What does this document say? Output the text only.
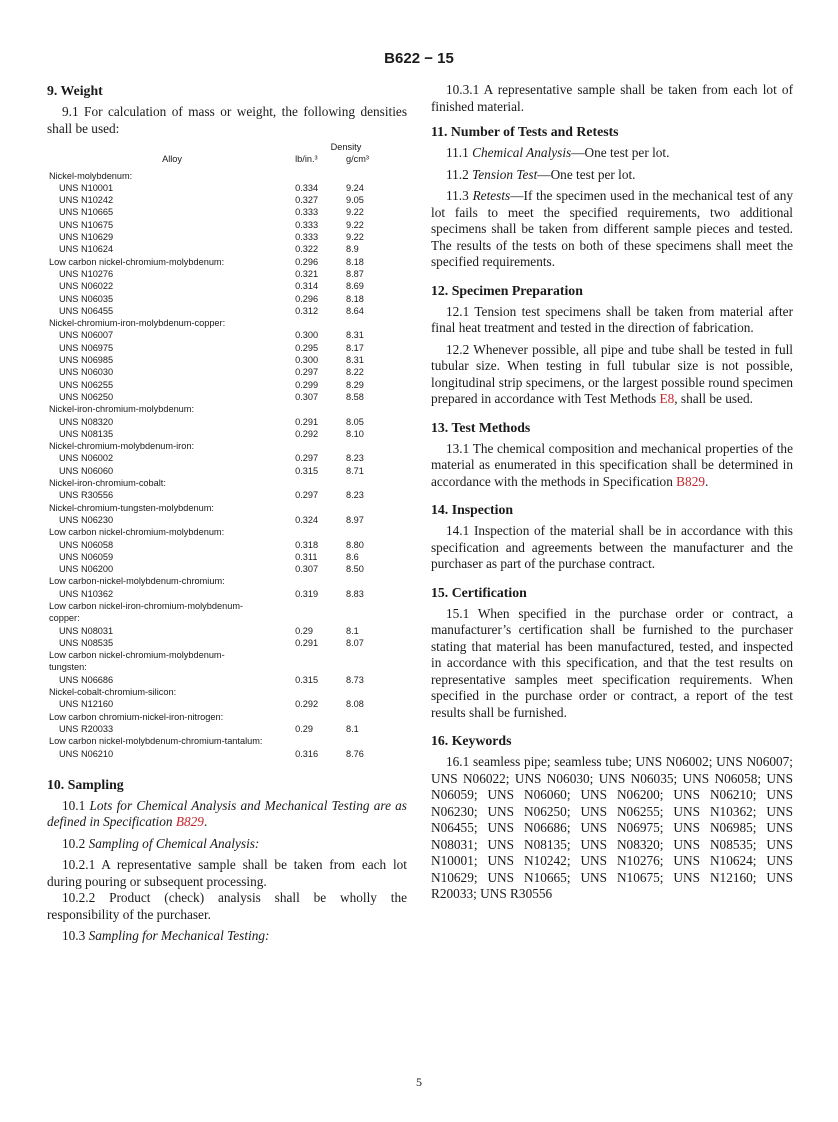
B622 − 15
9. Weight

9.1 For calculation of mass or weight, the following densities shall be used:

Density		
Alloy	lb/in.³	g/cm³
Nickel-molybdenum:		
UNS N10001	0.334	9.24
UNS N10242	0.327	9.05
UNS N10665	0.333	9.22
UNS N10675	0.333	9.22
UNS N10629	0.333	9.22
UNS N10624	0.322	8.9
Low carbon nickel-chromium-molybdenum:	0.296	8.18
UNS N10276	0.321	8.87
UNS N06022	0.314	8.69
UNS N06035	0.296	8.18
UNS N06455	0.312	8.64
Nickel-chromium-iron-molybdenum-copper:		
UNS N06007	0.300	8.31
UNS N06975	0.295	8.17
UNS N06985	0.300	8.31
UNS N06030	0.297	8.22
UNS N06255	0.299	8.29
UNS N06250	0.307	8.58
Nickel-iron-chromium-molybdenum:		
UNS N08320	0.291	8.05
UNS N08135	0.292	8.10
Nickel-chromium-molybdenum-iron:		
UNS N06002	0.297	8.23
UNS N06060	0.315	8.71
Nickel-iron-chromium-cobalt:		
UNS R30556	0.297	8.23
Nickel-chromium-tungsten-molybdenum:		
UNS N06230	0.324	8.97
Low carbon nickel-chromium-molybdenum:		
UNS N06058	0.318	8.80
UNS N06059	0.311	8.6
UNS N06200	0.307	8.50
Low carbon-nickel-molybdenum-chromium:		
UNS N10362	0.319	8.83
Low carbon nickel-iron-chromium-molybdenum-		
copper:		
UNS N08031	0.29	8.1
UNS N08535	0.291	8.07
Low carbon nickel-chromium-molybdenum-		
tungsten:		
UNS N06686	0.315	8.73
Nickel-cobalt-chromium-silicon:		
UNS N12160	0.292	8.08
Low carbon chromium-nickel-iron-nitrogen:		
UNS R20033	0.29	8.1
Low carbon nickel-molybdenum-chromium-tantalum:		
UNS N06210	0.316	8.76
10. Sampling

10.1 Lots for Chemical Analysis and Mechanical Testing are as defined in Specification B829.

10.2 Sampling of Chemical Analysis:

10.2.1 A representative sample shall be taken from each lot during pouring or subsequent processing.

10.2.2 Product (check) analysis shall be wholly the responsibility of the purchaser.

10.3 Sampling for Mechanical Testing:

10.3.1 A representative sample shall be taken from each lot of finished material.

11. Number of Tests and Retests

11.1 Chemical Analysis—One test per lot.

11.2 Tension Test—One test per lot.

11.3 Retests—If the specimen used in the mechanical test of any lot fails to meet the specified requirements, two additional specimens shall be taken from different sample pieces and tested. The results of the tests on both of these specimens shall meet the specified requirements.

12. Specimen Preparation

12.1 Tension test specimens shall be taken from material after final heat treatment and tested in the direction of fabrication.

12.2 Whenever possible, all pipe and tube shall be tested in full tubular size. When testing in full tubular size is not possible, longitudinal strip specimens, or the largest possible round specimen prepared in accordance with Test Methods E8, shall be used.

13. Test Methods

13.1 The chemical composition and mechanical properties of the material as enumerated in this specification shall be determined in accordance with the methods in Specification B829.

14. Inspection

14.1 Inspection of the material shall be in accordance with this specification and agreements between the manufacturer and the purchaser as part of the purchase contract.

15. Certification

15.1 When specified in the purchase order or contract, a manufacturer’s certification shall be furnished to the purchaser stating that material has been manufactured, tested, and inspected in accordance with this specification, and that the test results on representative samples meet specification requirements. When specified in the purchase order or contract, a report of the test results shall be furnished.

16. Keywords

16.1 seamless pipe; seamless tube; UNS N06002; UNS N06007; UNS N06022; UNS N06030; UNS N06035; UNS N06058; UNS N06059; UNS N06060; UNS N06200; UNS N06210; UNS N06230; UNS N06250; UNS N06255; UNS N10362; UNS N06455; UNS N06686; UNS N06975; UNS N06985; UNS N08031; UNS N08135; UNS N08320; UNS N08535; UNS N10001; UNS N10242; UNS N10276; UNS N10624; UNS N10629; UNS N10665; UNS N10675; UNS N12160; UNS R20033; UNS R30556

5
